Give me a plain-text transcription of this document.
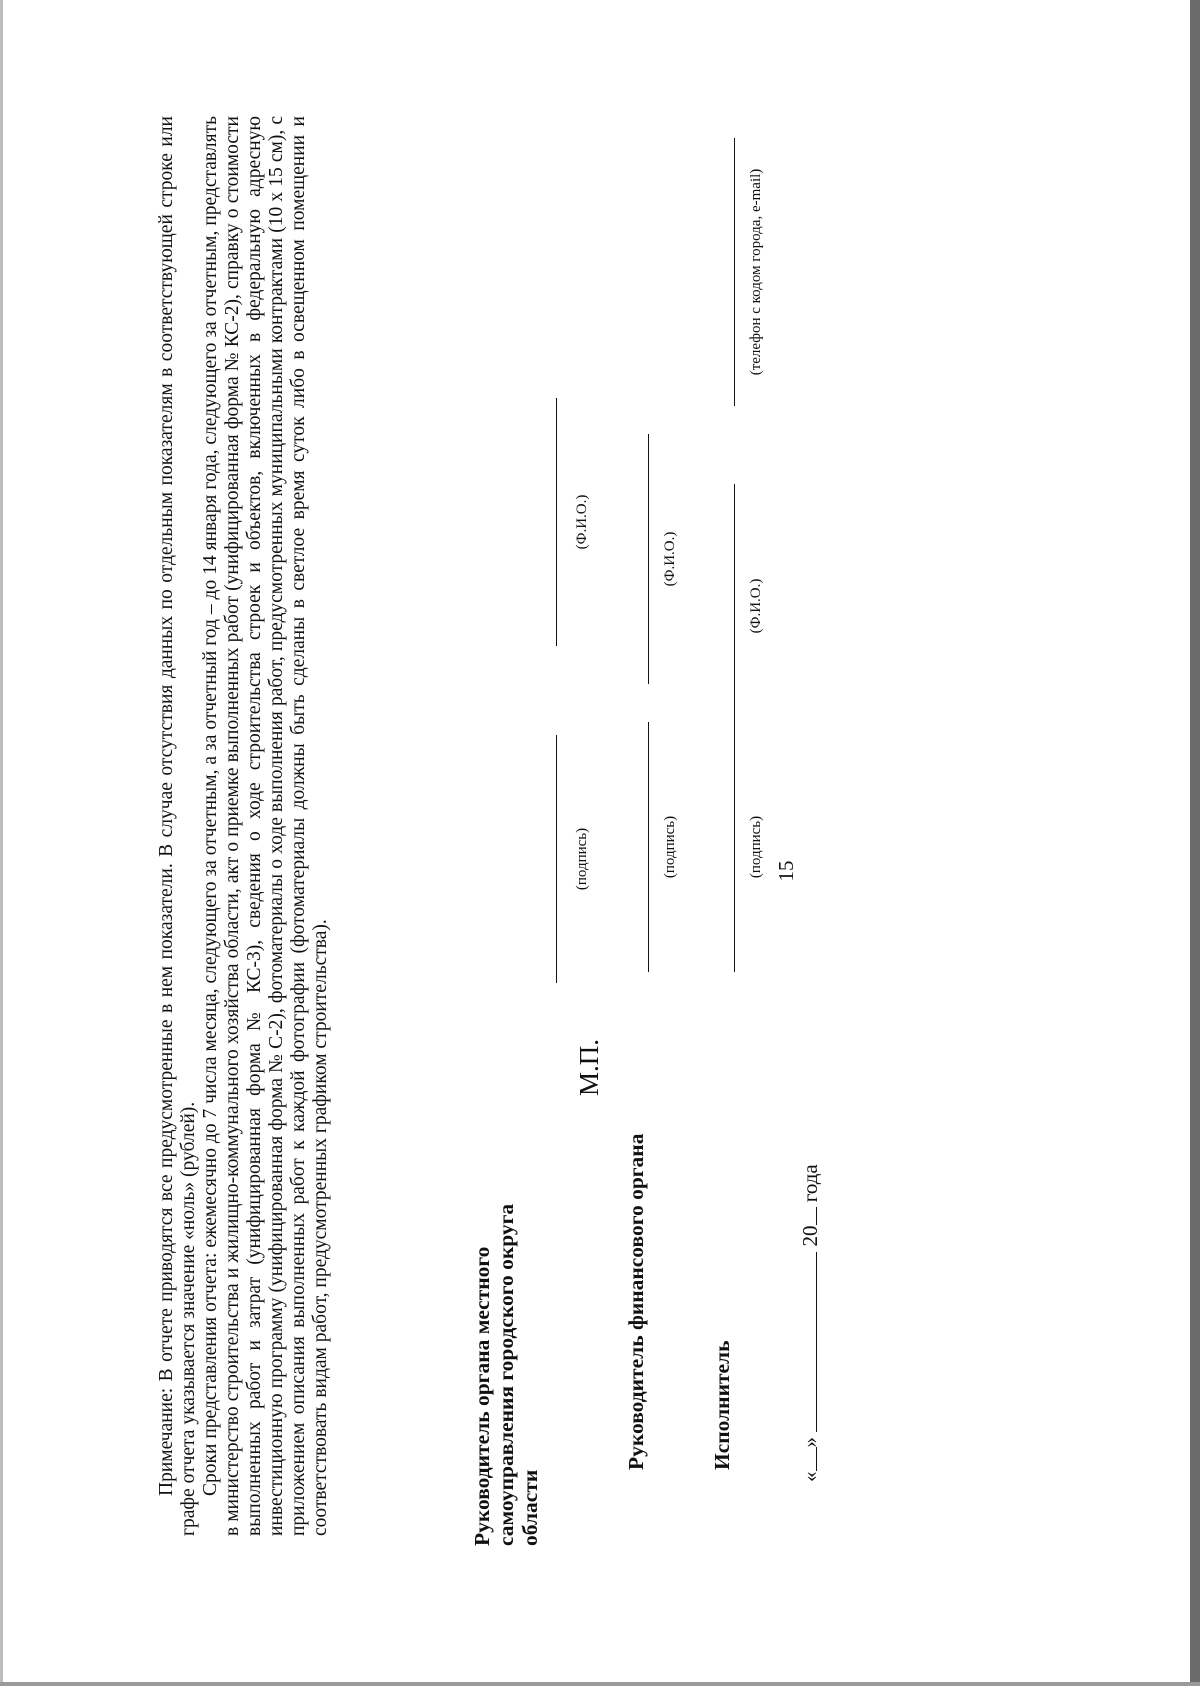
15

Примечание: В отчете приводятся все предусмотренные в нем показатели. В случае отсутствия данных по отдельным показателям в соответствующей строке или графе отчета указывается значение «ноль» (рублей). Сроки представления отчета: ежемесячно до 7 числа месяца, следующего за отчетным, а за отчетный год – до 14 января года, следующего за отчетным, представлять в министерство строительства и жилищно-коммунального хозяйства области, акт о приемке выполненных работ (унифицированная форма № КС-2), справку о стоимости выполненных работ и затрат (унифицированная форма № КС-3), сведения о ходе строительства строек и объектов, включенных в федеральную адресную инвестиционную программу (унифицированная форма № С-2), фотоматериалы о ходе выполнения работ, предусмотренных муниципальными контрактами (10 x 15 см), с приложением описания выполненных работ к каждой фотографии (фотоматериалы должны быть сделаны в светлое время суток либо в освещенном помещении и соответствовать видам работ, предусмотренных графиком строительства).	Руководитель органа местного самоуправления городского округа области
М.П.
(подпись)
(Ф.И.О.)
Руководитель финансового органа
(подпись)
(Ф.И.О.)
Исполнитель
(подпись)
(Ф.И.О.)
(телефон с кодом города, e-mail)
«»  20 года
